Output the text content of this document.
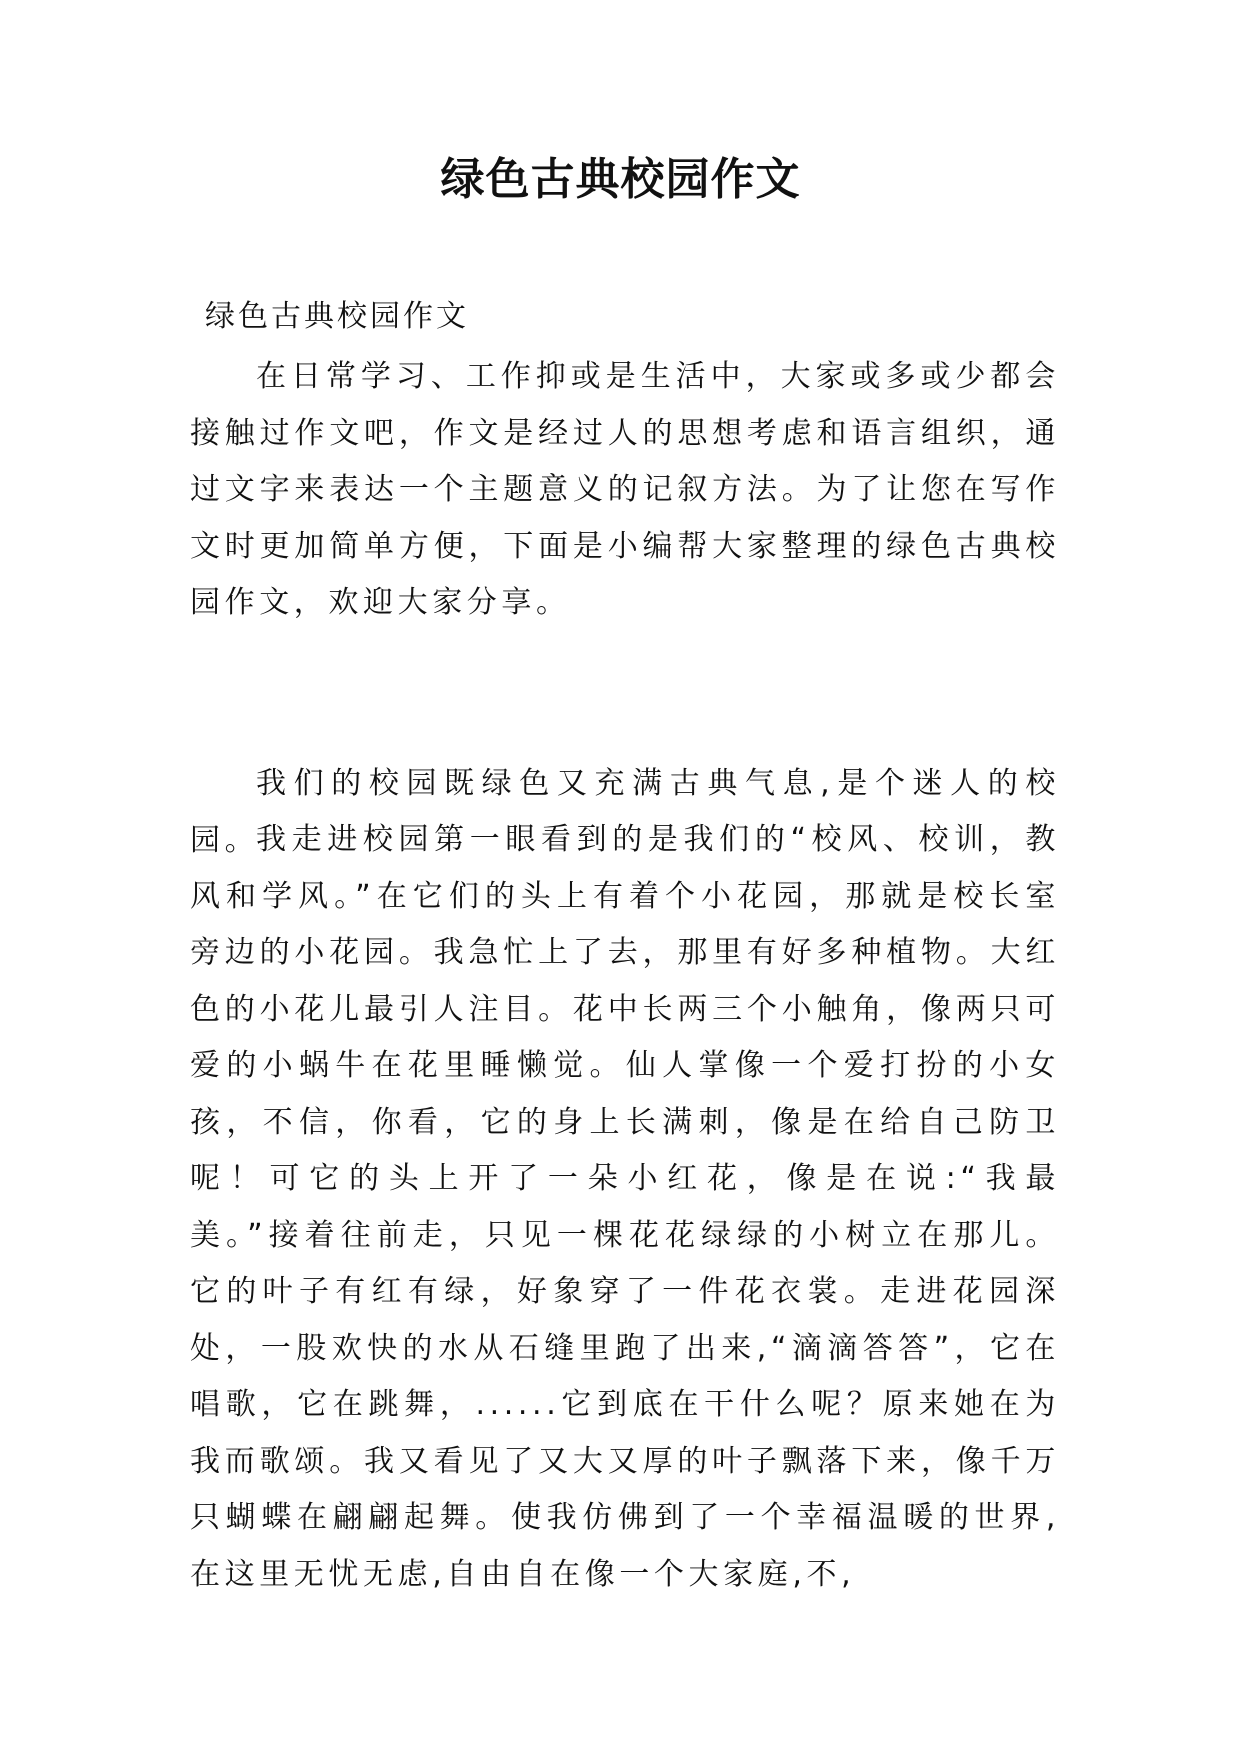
绿色古典校园作文

绿色古典校园作文

在日常学习、工作抑或是生活中，大家或多或少都会接触过作文吧，作文是经过人的思想考虑和语言组织，通过文字来表达一个主题意义的记叙方法。为了让您在写作文时更加简单方便，下面是小编帮大家整理的绿色古典校园作文，欢迎大家分享。

我们的校园既绿色又充满古典气息,是个迷人的校园。

我走进校园第一眼看到的是我们的“校风、校训，教风和学风。”在它们的头上有着个小花园，那就是校长室旁边的小花园。我急忙上了去，那里有好多种植物。大红色的小花儿最引人注目。花中长两三个小触角，像两只可爱的小蜗牛在花里睡懒觉。仙人掌像一个爱打扮的小女孩，不信，你看，它的身上长满刺，像是在给自己防卫呢！可它的头上开了一朵小红花，像是在说:“我最美。”接着往前走，只见一棵花花绿绿的小树立在那儿。它的叶子有红有绿，好象穿了一件花衣裳。走进花园深处，一股欢快的水从石缝里跑了出来,“滴滴答答”，它在唱歌，它在跳舞，......它到底在干什么呢？原来她在为我而歌颂。我又看见了又大又厚的叶子飘落下来，像千万只蝴蝶在翩翩起舞。使我仿佛到了一个幸福温暖的世界,在这里无忧无虑,自由自在像一个大家庭,不,
